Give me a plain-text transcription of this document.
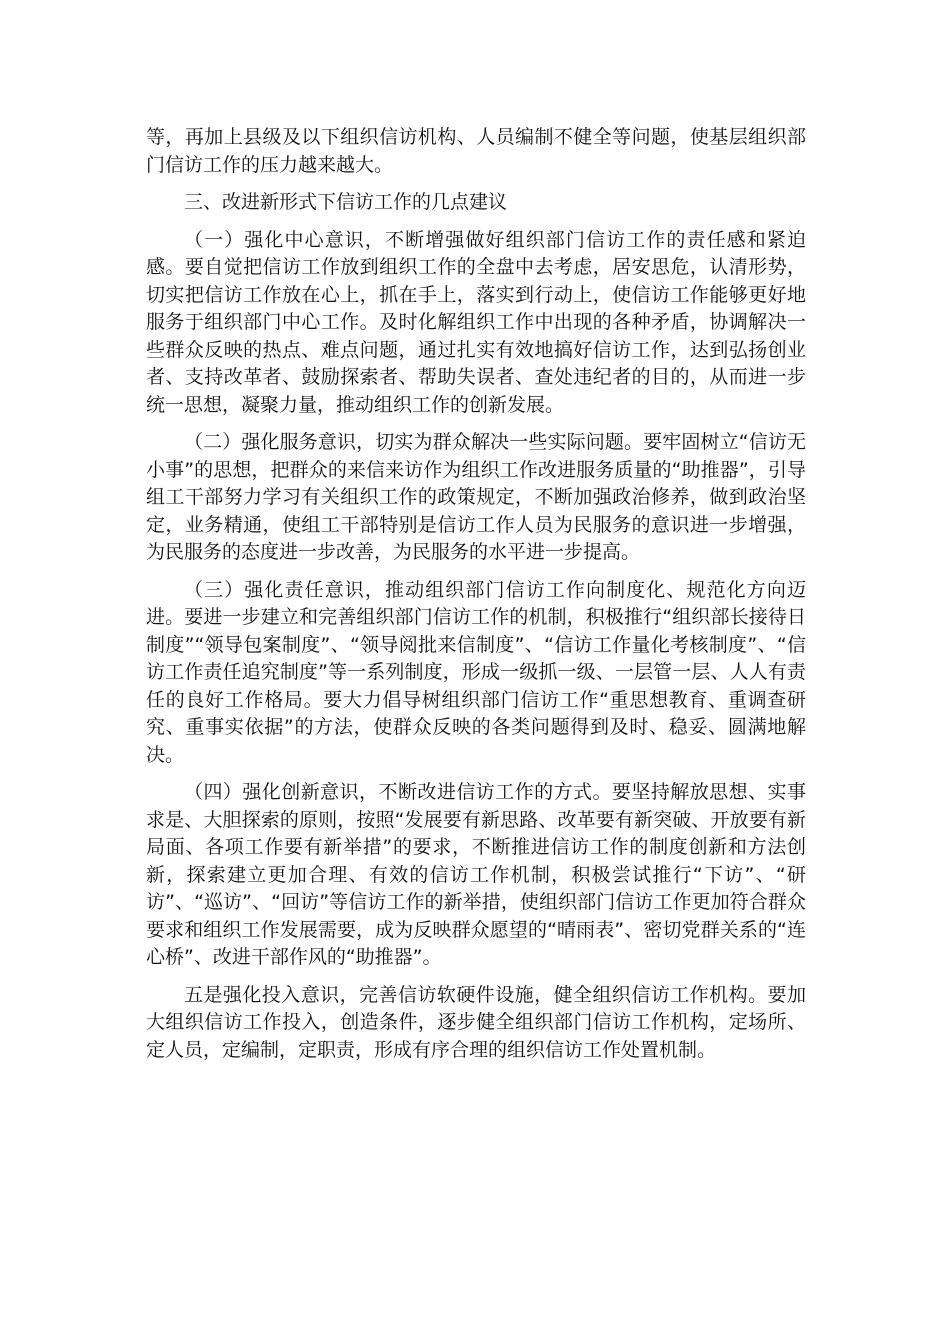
等，再加上县级及以下组织信访机构、人员编制不健全等问题，使基层组织部门信访工作的压力越来越大。

三、改进新形式下信访工作的几点建议

（一）强化中心意识，不断增强做好组织部门信访工作的责任感和紧迫感。要自觉把信访工作放到组织工作的全盘中去考虑，居安思危，认清形势，切实把信访工作放在心上，抓在手上，落实到行动上，使信访工作能够更好地服务于组织部门中心工作。及时化解组织工作中出现的各种矛盾，协调解决一些群众反映的热点、难点问题，通过扎实有效地搞好信访工作，达到弘扬创业者、支持改革者、鼓励探索者、帮助失误者、查处违纪者的目的，从而进一步统一思想，凝聚力量，推动组织工作的创新发展。

（二）强化服务意识，切实为群众解决一些实际问题。要牢固树立“信访无小事”的思想，把群众的来信来访作为组织工作改进服务质量的“助推器”，引导组工干部努力学习有关组织工作的政策规定，不断加强政治修养，做到政治坚定，业务精通，使组工干部特别是信访工作人员为民服务的意识进一步增强，为民服务的态度进一步改善，为民服务的水平进一步提高。

（三）强化责任意识，推动组织部门信访工作向制度化、规范化方向迈进。要进一步建立和完善组织部门信访工作的机制，积极推行“组织部长接待日制度”“领导包案制度”、“领导阅批来信制度”、“信访工作量化考核制度”、“信访工作责任追究制度”等一系列制度，形成一级抓一级、一层管一层、人人有责任的良好工作格局。要大力倡导树组织部门信访工作“重思想教育、重调查研究、重事实依据”的方法，使群众反映的各类问题得到及时、稳妥、圆满地解决。

（四）强化创新意识，不断改进信访工作的方式。要坚持解放思想、实事求是、大胆探索的原则，按照“发展要有新思路、改革要有新突破、开放要有新局面、各项工作要有新举措”的要求，不断推进信访工作的制度创新和方法创新，探索建立更加合理、有效的信访工作机制，积极尝试推行“下访”、“研访”、“巡访”、“回访”等信访工作的新举措，使组织部门信访工作更加符合群众要求和组织工作发展需要，成为反映群众愿望的“晴雨表”、密切党群关系的“连心桥”、改进干部作风的“助推器”。

五是强化投入意识，完善信访软硬件设施，健全组织信访工作机构。要加大组织信访工作投入，创造条件，逐步健全组织部门信访工作机构，定场所、定人员，定编制，定职责，形成有序合理的组织信访工作处置机制。
